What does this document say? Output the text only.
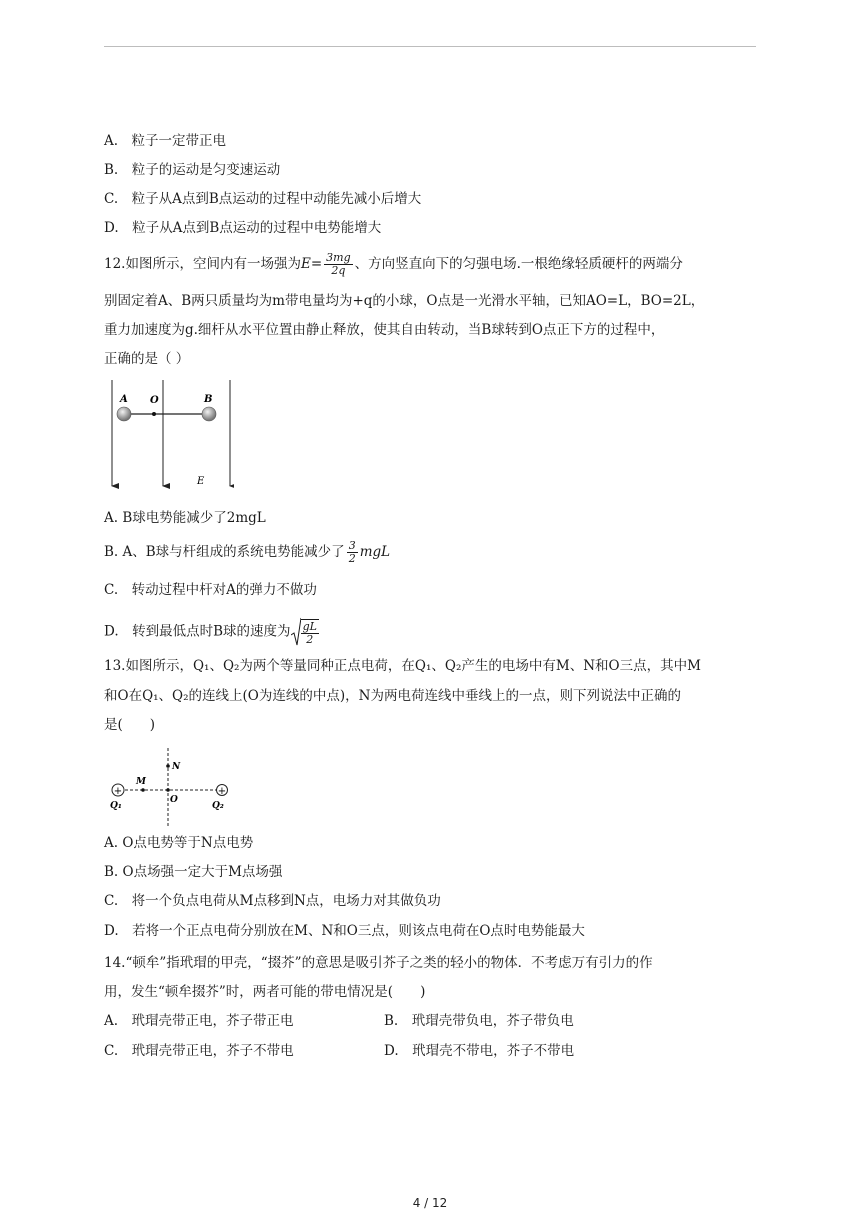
A.　粒子一定带正电
B.　粒子的运动是匀变速运动
C.　粒子从A点到B点运动的过程中动能先减小后增大
D.　粒子从A点到B点运动的过程中电势能增大
12.如图所示，空间内有一场强为$E= \frac{3mg}{2q}$ 、方向竖直向下的匀强电场.一根绝缘轻质硬杆的两端分
别固定着A、B两只质量均为m带电量均为+q的小球，O点是一光滑水平轴，已知AO=L，BO=2L，
重力加速度为g.细杆从水平位置由静止释放，使其自由转动，当B球转到O点正下方的过程中，
正确的是（ ）
A O	B
E
A. B球电势能减少了2mgL
B. A、B球与杆组成的系统电势能减少了 $\frac{3}{2}$ mgL
C.　转动过程中杆对A的弹力不做功
D.　转到最低点时B球的速度为 $\frac{gL}{2}$
13.如图所示，Q₁、Q₂为两个等量同种正点电荷，在Q₁、Q₂产生的电场中有M、N和O三点，其中M
和O在Q₁、Q₂的连线上(O为连线的中点)，N为两电荷连线中垂线上的一点，则下列说法中正确的
是(　　)
+	+
N
M
O
Q₁	Q₂
A. O点电势等于N点电势
B. O点场强一定大于M点场强
C.　将一个负点电荷从M点移到N点，电场力对其做负功
D.　若将一个正点电荷分别放在M、N和O三点，则该点电荷在O点时电势能最大
14.“顿牟”指玳瑁的甲壳，“掇芥”的意思是吸引芥子之类的轻小的物体．不考虑万有引力的作
用，发生“顿牟掇芥”时，两者可能的带电情况是(　　)
A.　玳瑁壳带正电，芥子带正电	B.　玳瑁壳带负电，芥子带负电
C.　玳瑁壳带正电，芥子不带电	D.　玳瑁壳不带电，芥子不带电
4 / 12
